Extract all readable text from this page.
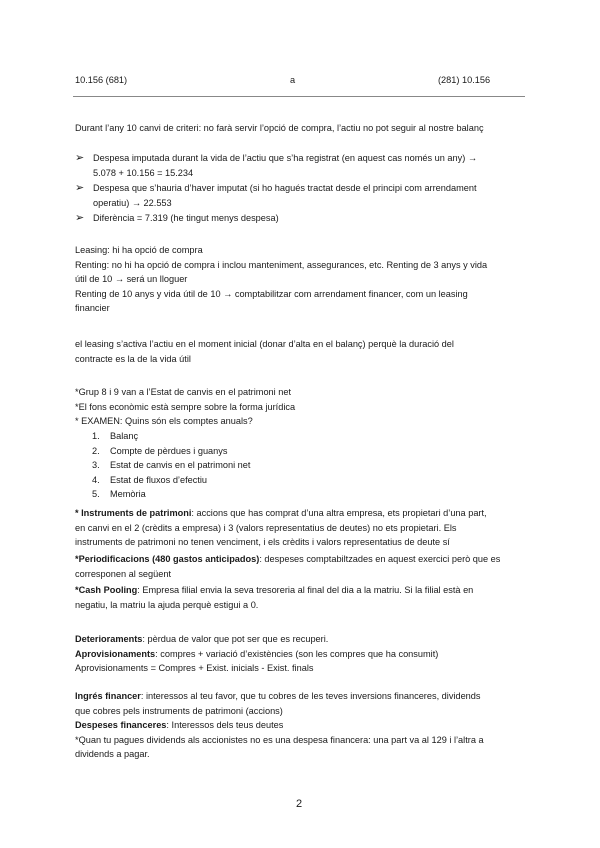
10.156 (681)	a	(281) 10.156
Durant l’any 10 canvi de criteri: no farà servir l’opció de compra, l’actiu no pot seguir al nostre balanç
➢ Despesa imputada durant la vida de l’actiu que s’ha registrat (en aquest cas només un any) →
5.078 + 10.156 = 15.234
➢ Despesa que s’hauria d’haver imputat (si ho hagués tractat desde el principi com arrendament
operatiu) → 22.553
➢ Diferència = 7.319 (he tingut menys despesa)
Leasing: hi ha opció de compra
Renting: no hi ha opció de compra i inclou manteniment, assegurances, etc. Renting de 3 anys y vida
útil de 10 → será un lloguer
Renting de 10 anys y vida útil de 10 → comptabilitzar com arrendament financer, com un leasing
financier
el leasing s’activa l’actiu en el moment inicial (donar d’alta en el balanç) perquè la duració del
contracte es la de la vida útil
*Grup 8 i 9 van a l’Estat de canvis en el patrimoni net
*El fons econòmic està sempre sobre la forma jurídica
* EXAMEN: Quins són els comptes anuals?
1. Balanç
2. Compte de pèrdues i guanys
3. Estat de canvis en el patrimoni net
4. Estat de fluxos d’efectiu
5. Memòria
* Instruments de patrimoni: accions que has comprat d’una altra empresa, ets propietari d’una part,
en canvi en el 2 (crèdits a empresa) i 3 (valors representatius de deutes) no ets propietari. Els
instruments de patrimoni no tenen venciment, i els crèdits i valors representatius de deute sí
*Periodificacions (480 gastos anticipados): despeses comptabiltzades en aquest exercici però que es
corresponen al següent
*Cash Pooling: Empresa filial envia la seva tresoreria al final del dia a la matriu. Si la filial està en
negatiu, la matriu la ajuda perquè estigui a 0.
Deterioraments: pèrdua de valor que pot ser que es recuperi.
Aprovisionaments: compres + variació d’existències (son les compres que ha consumit)
Aprovisionaments = Compres + Exist. inicials - Exist. finals
Ingrés financer: interessos al teu favor, que tu cobres de les teves inversions financeres, dividends
que cobres pels instruments de patrimoni (accions)
Despeses financeres: Interessos dels teus deutes
*Quan tu pagues dividends als accionistes no es una despesa financera: una part va al 129 i l’altra a
dividends a pagar.
2
